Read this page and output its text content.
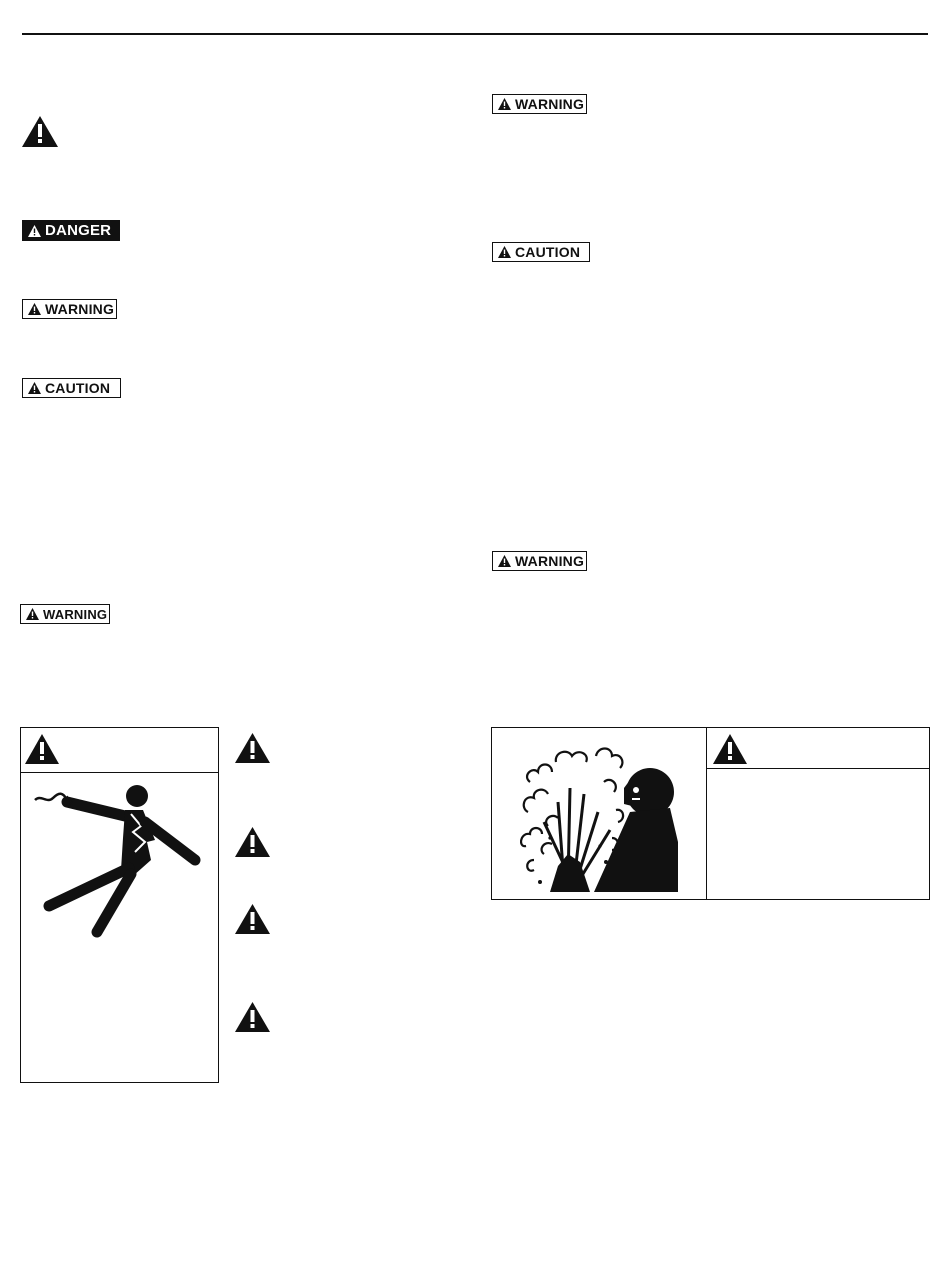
DANGER
WARNING
CAUTION
WARNING
WARNING
CAUTION
WARNING
